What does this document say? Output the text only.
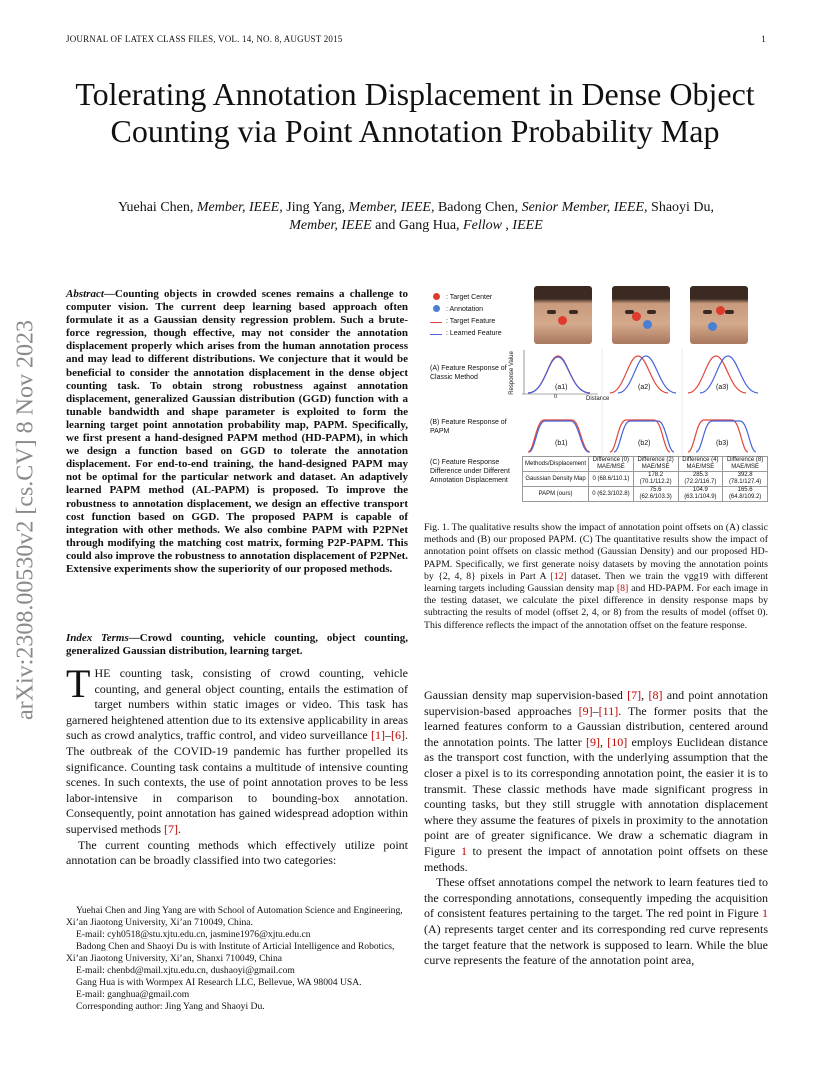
JOURNAL OF LATEX CLASS FILES, VOL. 14, NO. 8, AUGUST 2015	1
arXiv:2308.00530v2 [cs.CV] 8 Nov 2023
Tolerating Annotation Displacement in Dense Object Counting via Point Annotation Probability Map
Yuehai Chen, Member, IEEE, Jing Yang, Member, IEEE, Badong Chen, Senior Member, IEEE, Shaoyi Du,
Member, IEEE and Gang Hua, Fellow , IEEE
Abstract—Counting objects in crowded scenes remains a challenge to computer vision. The current deep learning based approach often formulate it as a Gaussian density regression problem. Such a brute-force regression, though effective, may not consider the annotation displacement properly which arises from the human annotation process and may lead to different distributions. We conjecture that it would be beneficial to consider the annotation displacement in the dense object counting task. To obtain strong robustness against annotation displacement, generalized Gaussian distribution (GGD) function with a tunable bandwidth and shape parameter is exploited to form the learning target point annotation probability map, PAPM. Specifically, we first present a hand-designed PAPM method (HD-PAPM), in which we design a function based on GGD to tolerate the annotation displacement. For end-to-end training, the hand-designed PAPM may not be optimal for the particular network and dataset. An adaptively learned PAPM method (AL-PAPM) is proposed. To improve the robustness to annotation displacement, we design an effective transport cost function based on GGD. The proposed PAPM is capable of integration with other methods. We also combine PAPM with P2PNet through modifying the matching cost matrix, forming P2P-PAPM. This could also improve the robustness to annotation displacement of P2PNet. Extensive experiments show the superiority of our proposed methods.
Index Terms—Crowd counting, vehicle counting, object counting, generalized Gaussian distribution, learning target.

THE counting task, consisting of crowd counting, vehicle counting, and general object counting, entails the estimation of target numbers within static images or video. This task has garnered heightened attention due to its extensive applicability in areas such as crowd analytics, traffic control, and video surveillance [1]–[6]. The outbreak of the COVID-19 pandemic has further propelled its significance. Counting task contains a multitude of intensive counting scenes. In such contexts, the use of point annotation proves to be less labor-intensive in comparison to bounding-box annotation. Consequently, point annotation has gained widespread adoption within supervised methods [7].

The current counting methods which effectively utilize point annotation can be broadly classified into two categories:

Yuehai Chen and Jing Yang are with School of Automation Science and Engineering, Xi’an Jiaotong University, Xi’an 710049, China.

E-mail: cyh0518@stu.xjtu.edu.cn, jasmine1976@xjtu.edu.cn

Badong Chen and Shaoyi Du is with Institute of Articial Intelligence and Robotics, Xi’an Jiaotong University, Xi’an, Shanxi 710049, China

E-mail: chenbd@mail.xjtu.edu.cn, dushaoyi@gmail.com

Gang Hua is with Wormpex AI Research LLC, Bellevue, WA 98004 USA.

E-mail: ganghua@gmail.com

Corresponding author: Jing Yang and Shaoyi Du.

: Target Center
: Annotation
: Target Feature
: Learned Feature
(A) Feature Response of Classic Method
(B) Feature Response of PAPM
(C) Feature Response Difference under Different Annotation Displacement
Response Value
Distance
0
(a1)	(a2)	(a3)
(b1)	(b2)	(b3)
Methods/Displacement	Difference (0) MAE/MSE	Difference (2) MAE/MSE	Difference (4) MAE/MSE	Difference (8) MAE/MSE
Gaussian Density Map	0 (68.6/110.1)	178.2 (70.1/112.2)	285.3 (72.2/116.7)	392.8 (78.1/127.4)
PAPM (ours)	0 (62.3/102.8)	75.6 (62.6/103.3)	104.9 (63.1/104.9)	165.6 (64.8/109.2)
Fig. 1. The qualitative results show the impact of annotation point offsets on (A) classic methods and (B) our proposed PAPM. (C) The quantitative results show the impact of annotation point offsets on classic method (Gaussian Density) and our proposed HD-PAPM. Specifically, we first generate noisy datasets by moving the annotation points by {2, 4, 8} pixels in Part A [12] dataset. Then we train the vgg19 with different learning targets including Gaussian density map [8] and HD-PAPM. For each image in the testing dataset, we calculate the pixel difference in density response maps by subtracting the results of model (offset 2, 4, or 8) from the results of model (offset 0). This difference reflects the impact of the annotation offset on the feature response.

Gaussian density map supervision-based [7], [8] and point annotation supervision-based approaches [9]–[11]. The former posits that the learned features conform to a Gaussian distribution, centered around the annotation points. The latter [9], [10] employs Euclidean distance as the transport cost function, with the underlying assumption that the closer a pixel is to its corresponding annotation point, the easier it is to transmit. These classic methods have made significant progress in counting tasks, but they still struggle with annotation displacement where they assume the features of pixels in proximity to the annotation point are of greater significance. We draw a schematic diagram in Figure 1 to present the impact of annotation point offsets on these methods.

These offset annotations compel the network to learn features tied to the corresponding annotations, consequently impeding the acquisition of consistent features pertaining to the target. The red point in Figure 1 (A) represents target center and its corresponding red curve represents the target feature that the network is supposed to learn. While the blue curve represents the feature of the annotation point area,
